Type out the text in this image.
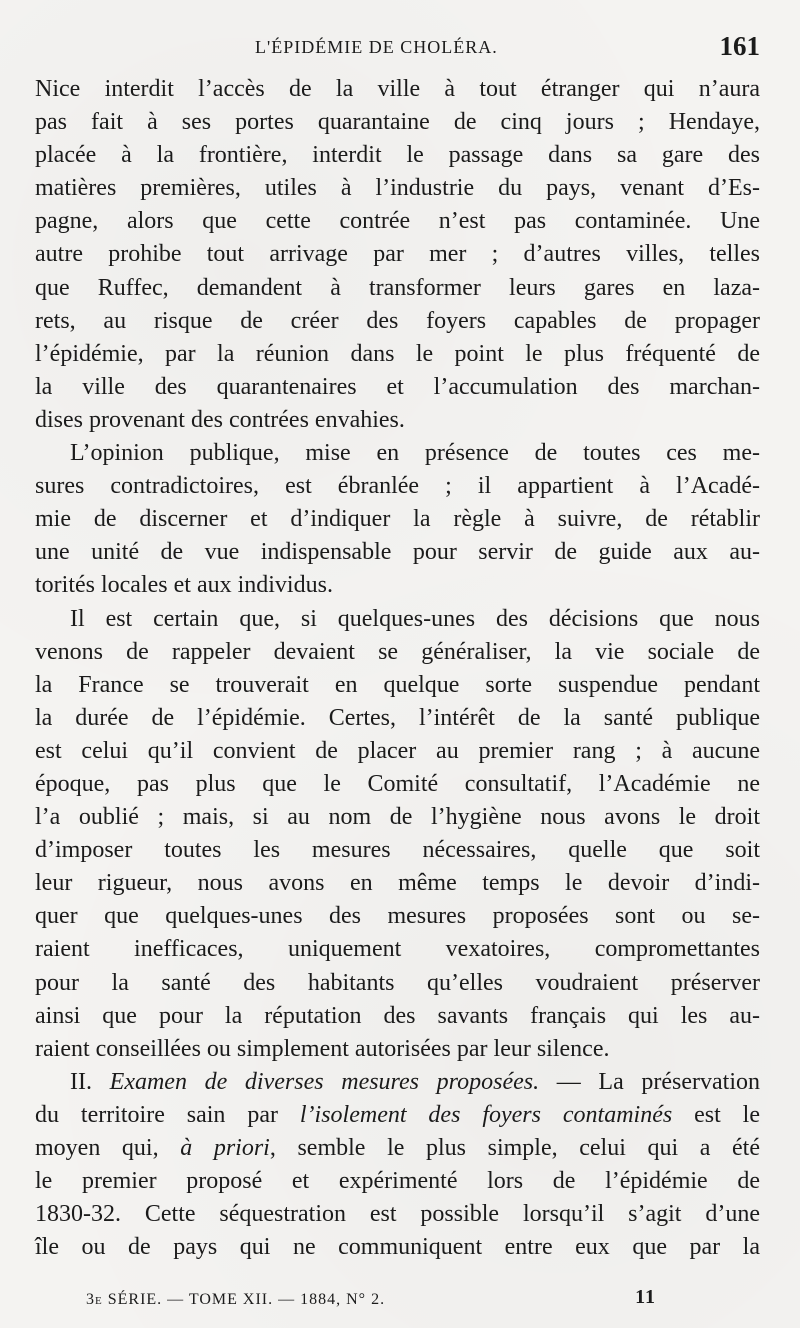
L'ÉPIDÉMIE DE CHOLÉRA.	161
Nice interdit l’accès de la ville à tout étranger qui n’aura
pas fait à ses portes quarantaine de cinq jours ; Hendaye,
placée à la frontière, interdit le passage dans sa gare des
matières premières, utiles à l’industrie du pays, venant d’Es-
pagne, alors que cette contrée n’est pas contaminée. Une
autre prohibe tout arrivage par mer ; d’autres villes, telles
que Ruffec, demandent à transformer leurs gares en laza-
rets, au risque de créer des foyers capables de propager
l’épidémie, par la réunion dans le point le plus fréquenté de
la ville des quarantenaires et l’accumulation des marchan-
dises provenant des contrées envahies.
L’opinion publique, mise en présence de toutes ces me-
sures contradictoires, est ébranlée ; il appartient à l’Acadé-
mie de discerner et d’indiquer la règle à suivre, de rétablir
une unité de vue indispensable pour servir de guide aux au-
torités locales et aux individus.
Il est certain que, si quelques-unes des décisions que nous
venons de rappeler devaient se généraliser, la vie sociale de
la France se trouverait en quelque sorte suspendue pendant
la durée de l’épidémie. Certes, l’intérêt de la santé publique
est celui qu’il convient de placer au premier rang ; à aucune
époque, pas plus que le Comité consultatif, l’Académie ne
l’a oublié ; mais, si au nom de l’hygiène nous avons le droit
d’imposer toutes les mesures nécessaires, quelle que soit
leur rigueur, nous avons en même temps le devoir d’indi-
quer que quelques-unes des mesures proposées sont ou se-
raient inefficaces, uniquement vexatoires, compromettantes
pour la santé des habitants qu’elles voudraient préserver
ainsi que pour la réputation des savants français qui les au-
raient conseillées ou simplement autorisées par leur silence.
II. Examen de diverses mesures proposées. — La préservation
du territoire sain par l’isolement des foyers contaminés est le
moyen qui, à priori, semble le plus simple, celui qui a été
le premier proposé et expérimenté lors de l’épidémie de
1830-32. Cette séquestration est possible lorsqu’il s’agit d’une
île ou de pays qui ne communiquent entre eux que par la
3e SÉRIE. — TOME XII. — 1884, N° 2.	11
